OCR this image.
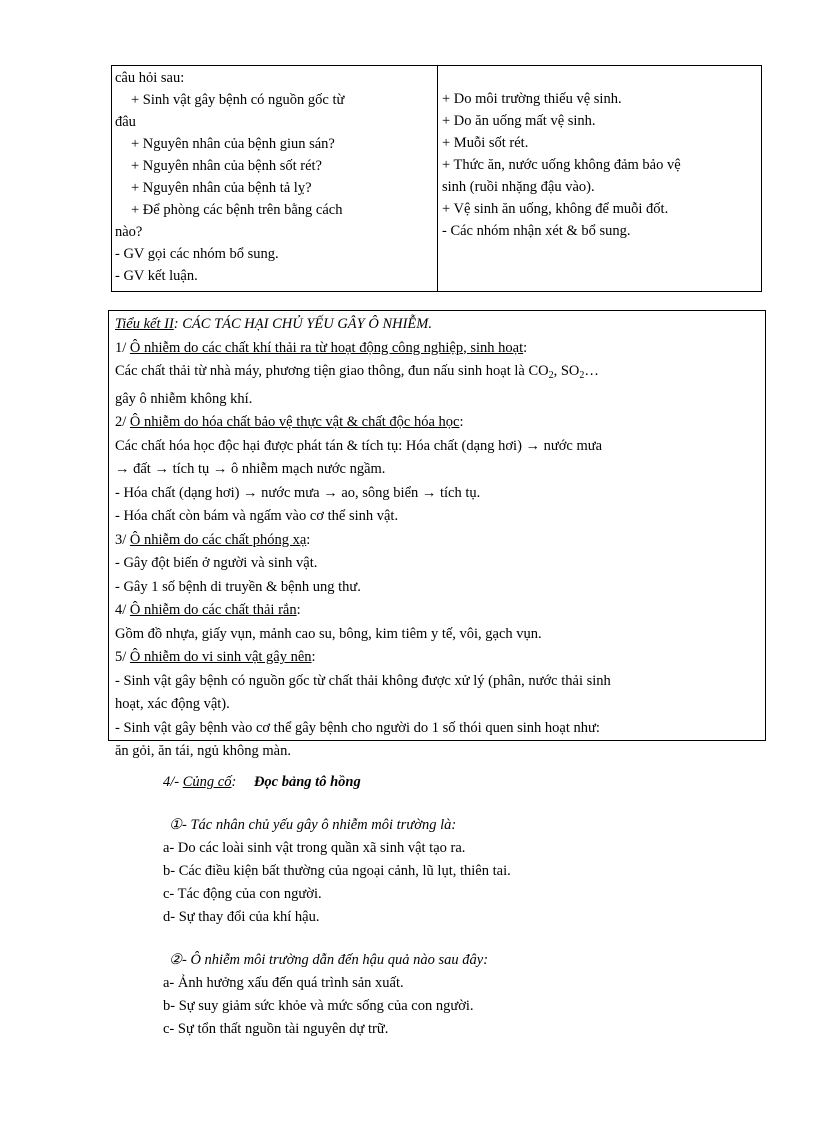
câu hỏi sau:
+ Sinh vật gây bệnh có nguồn gốc từ
đâu
+ Nguyên nhân của bệnh giun sán?
+ Nguyên nhân của bệnh sốt rét?
+ Nguyên nhân của bệnh tả lỵ?
+ Để phòng các bệnh trên bằng cách
nào?
- GV gọi các nhóm bổ sung.
- GV kết luận.
+ Do môi trường thiếu vệ sinh.
+ Do ăn uống mất vệ sinh.
+ Muỗi sốt rét.
+ Thức ăn, nước uống không đảm bảo vệ
sinh (ruồi nhặng đậu vào).
+ Vệ sinh ăn uống, không để muỗi đốt.
- Các nhóm nhận xét & bổ sung.
Tiểu kết II: CÁC TÁC HẠI CHỦ YẾU GÂY Ô NHIỄM.
1/ Ô nhiễm do các chất khí thải ra từ hoạt động công nghiệp, sinh hoạt:
Các chất thải từ nhà máy, phương tiện giao thông, đun nấu sinh hoạt là $CO_2$, $SO_2\dots$
gây ô nhiễm không khí.
2/ Ô nhiễm do hóa chất bảo vệ thực vật & chất độc hóa học:
Các chất hóa học độc hại được phát tán & tích tụ: Hóa chất (dạng hơi) → nước mưa
→ đất → tích tụ → ô nhiễm mạch nước ngầm.
- Hóa chất (dạng hơi) → nước mưa → ao, sông biển → tích tụ.
- Hóa chất còn bám và ngấm vào cơ thể sinh vật.
3/ Ô nhiễm do các chất phóng xạ:
- Gây đột biến ở người và sinh vật.
- Gây 1 số bệnh di truyền & bệnh ung thư.
4/ Ô nhiễm do các chất thải rắn:
Gồm đồ nhựa, giấy vụn, mảnh cao su, bông, kim tiêm y tế, vôi, gạch vụn.
5/ Ô nhiễm do vi sinh vật gây nên:
- Sinh vật gây bệnh có nguồn gốc từ chất thải không được xử lý (phân, nước thải sinh
hoạt, xác động vật).
- Sinh vật gây bệnh vào cơ thể gây bệnh cho người do 1 số thói quen sinh hoạt như:
ăn gỏi, ăn tái, ngủ không màn.
4/- Củng cố: Đọc bảng tô hồng
①- Tác nhân chủ yếu gây ô nhiễm môi trường là:
a- Do các loài sinh vật trong quần xã sinh vật tạo ra.
b- Các điều kiện bất thường của ngoại cảnh, lũ lụt, thiên tai.
c- Tác động của con người.
d- Sự thay đổi của khí hậu.
②- Ô nhiễm môi trường dẫn đến hậu quả nào sau đây:
a- Ảnh hưởng xấu đến quá trình sản xuất.
b- Sự suy giảm sức khỏe và mức sống của con người.
c- Sự tổn thất nguồn tài nguyên dự trữ.
